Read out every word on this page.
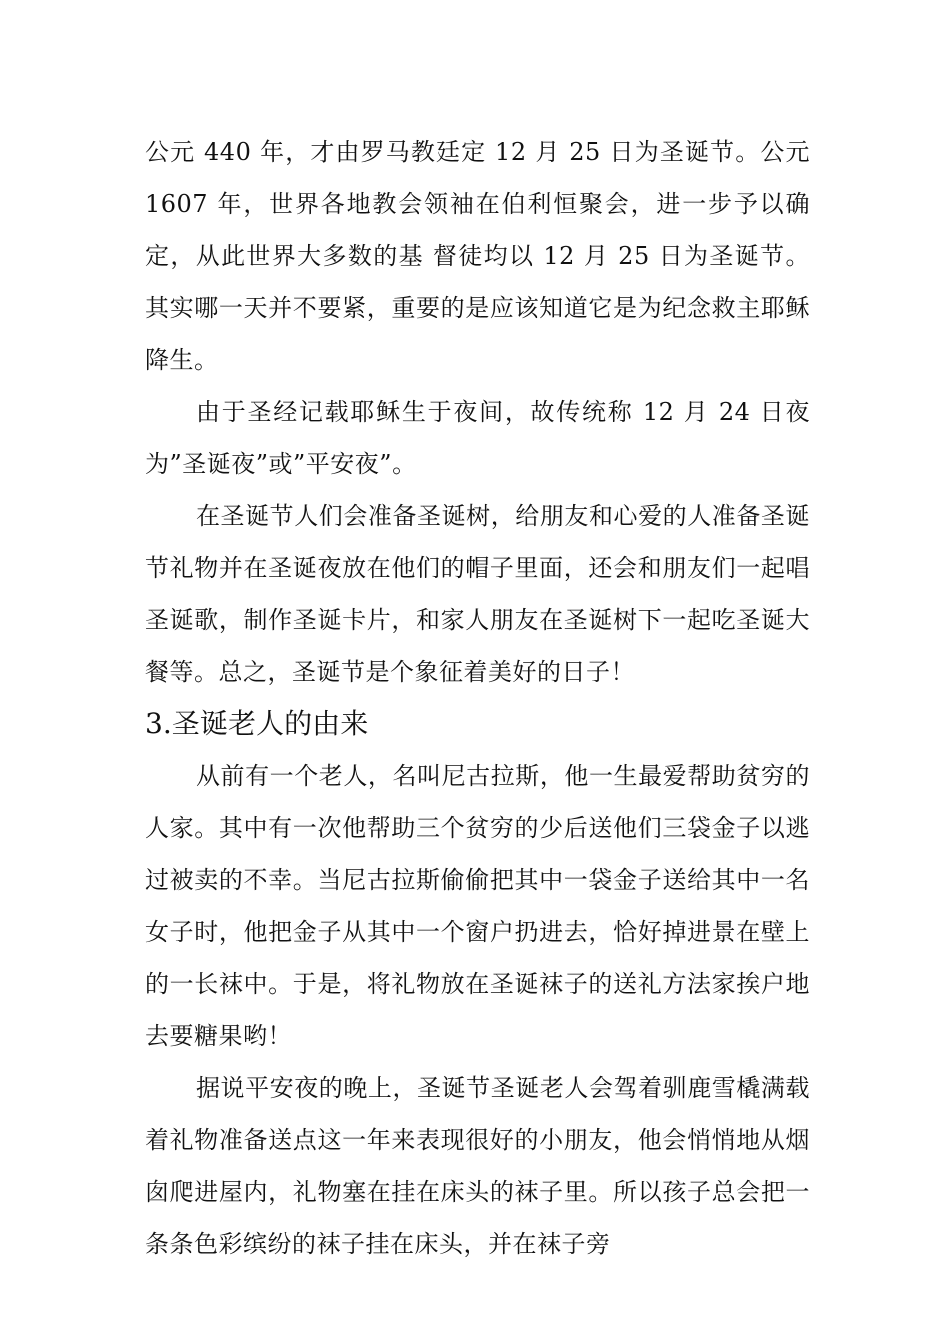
公元 440 年，才由罗马教廷定 12 月 25 日为圣诞节。公元 1607 年，世界各地教会领袖在伯利恒聚会，进一步予以确定，从此世界大多数的基 督徒均以 12 月 25 日为圣诞节。其实哪一天并不要紧，重要的是应该知道它是为纪念救主耶稣降生。

由于圣经记载耶稣生于夜间，故传统称 12 月 24 日夜为”圣诞夜”或”平安夜”。

在圣诞节人们会准备圣诞树，给朋友和心爱的人准备圣诞节礼物并在圣诞夜放在他们的帽子里面，还会和朋友们一起唱圣诞歌，制作圣诞卡片，和家人朋友在圣诞树下一起吃圣诞大餐等。总之，圣诞节是个象征着美好的日子！

3.圣诞老人的由来

从前有一个老人，名叫尼古拉斯，他一生最爱帮助贫穷的人家。其中有一次他帮助三个贫穷的少后送他们三袋金子以逃过被卖的不幸。当尼古拉斯偷偷把其中一袋金子送给其中一名女子时，他把金子从其中一个窗户扔进去，恰好掉进景在壁上的一长袜中。于是，将礼物放在圣诞袜子的送礼方法家挨户地去要糖果哟！

据说平安夜的晚上，圣诞节圣诞老人会驾着驯鹿雪橇满载着礼物准备送点这一年来表现很好的小朋友，他会悄悄地从烟囱爬进屋内，礼物塞在挂在床头的袜子里。所以孩子总会把一条条色彩缤纷的袜子挂在床头，并在袜子旁
